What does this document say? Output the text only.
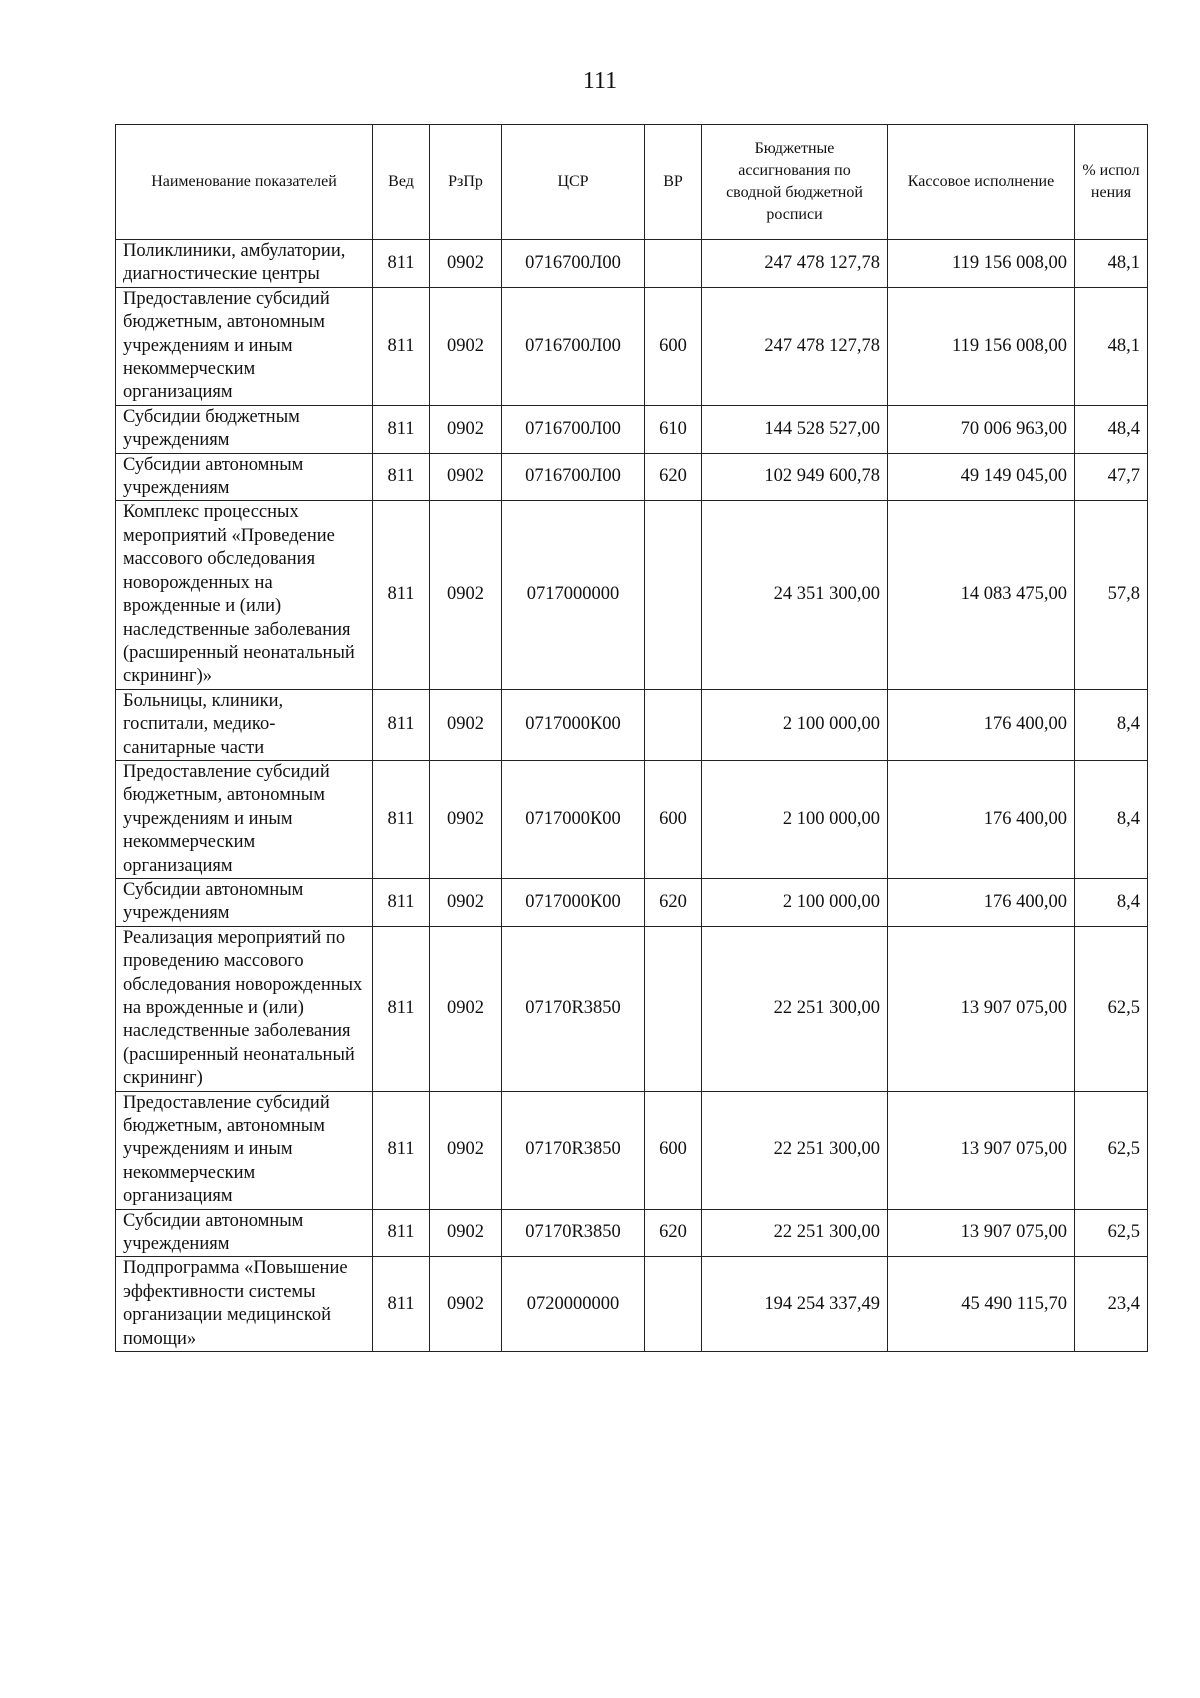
111
Наименование показателей	Вед	РзПр	ЦСР	ВР	Бюджетные ассигнования по сводной бюджетной росписи	Кассовое исполнение	% испол нения
Поликлиники, амбулатории, диагностические центры	811	0902	0716700Л00		247 478 127,78	119 156 008,00	48,1
Предоставление субсидий бюджетным, автономным учреждениям и иным некоммерческим организациям	811	0902	0716700Л00	600	247 478 127,78	119 156 008,00	48,1
Субсидии бюджетным учреждениям	811	0902	0716700Л00	610	144 528 527,00	70 006 963,00	48,4
Субсидии автономным учреждениям	811	0902	0716700Л00	620	102 949 600,78	49 149 045,00	47,7
Комплекс процессных мероприятий «Проведение массового обследования новорожденных на врожденные и (или) наследственные заболевания (расширенный неонатальный скрининг)»	811	0902	0717000000		24 351 300,00	14 083 475,00	57,8
Больницы, клиники, госпитали, медико-санитарные части	811	0902	0717000К00		2 100 000,00	176 400,00	8,4
Предоставление субсидий бюджетным, автономным учреждениям и иным некоммерческим организациям	811	0902	0717000К00	600	2 100 000,00	176 400,00	8,4
Субсидии автономным учреждениям	811	0902	0717000К00	620	2 100 000,00	176 400,00	8,4
Реализация мероприятий по проведению массового обследования новорожденных на врожденные и (или) наследственные заболевания (расширенный неонатальный скрининг)	811	0902	07170R3850		22 251 300,00	13 907 075,00	62,5
Предоставление субсидий бюджетным, автономным учреждениям и иным некоммерческим организациям	811	0902	07170R3850	600	22 251 300,00	13 907 075,00	62,5
Субсидии автономным учреждениям	811	0902	07170R3850	620	22 251 300,00	13 907 075,00	62,5
Подпрограмма «Повышение эффективности системы организации медицинской помощи»	811	0902	0720000000		194 254 337,49	45 490 115,70	23,4
